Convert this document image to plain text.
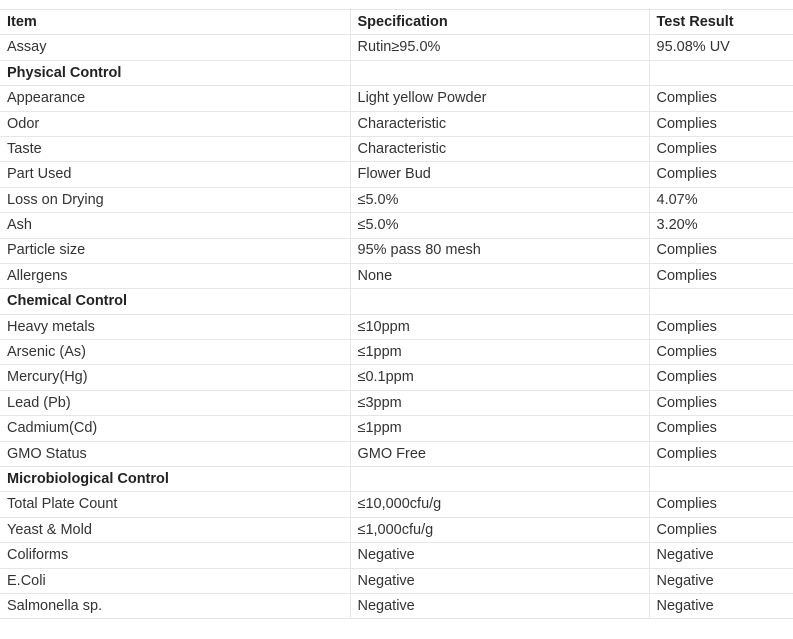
Item	Specification	Test Result
Assay	Rutin≥95.0%	95.08% UV
Physical Control		
Appearance	Light yellow Powder	Complies
Odor	Characteristic	Complies
Taste	Characteristic	Complies
Part Used	Flower Bud	Complies
Loss on Drying	≤5.0%	4.07%
Ash	≤5.0%	3.20%
Particle size	95% pass 80 mesh	Complies
Allergens	None	Complies
Chemical Control		
Heavy metals	≤10ppm	Complies
Arsenic (As)	≤1ppm	Complies
Mercury(Hg)	≤0.1ppm	Complies
Lead (Pb)	≤3ppm	Complies
Cadmium(Cd)	≤1ppm	Complies
GMO Status	GMO Free	Complies
Microbiological Control		
Total Plate Count	≤10,000cfu/g	Complies
Yeast & Mold	≤1,000cfu/g	Complies
Coliforms	Negative	Negative
E.Coli	Negative	Negative
Salmonella sp.	Negative	Negative
